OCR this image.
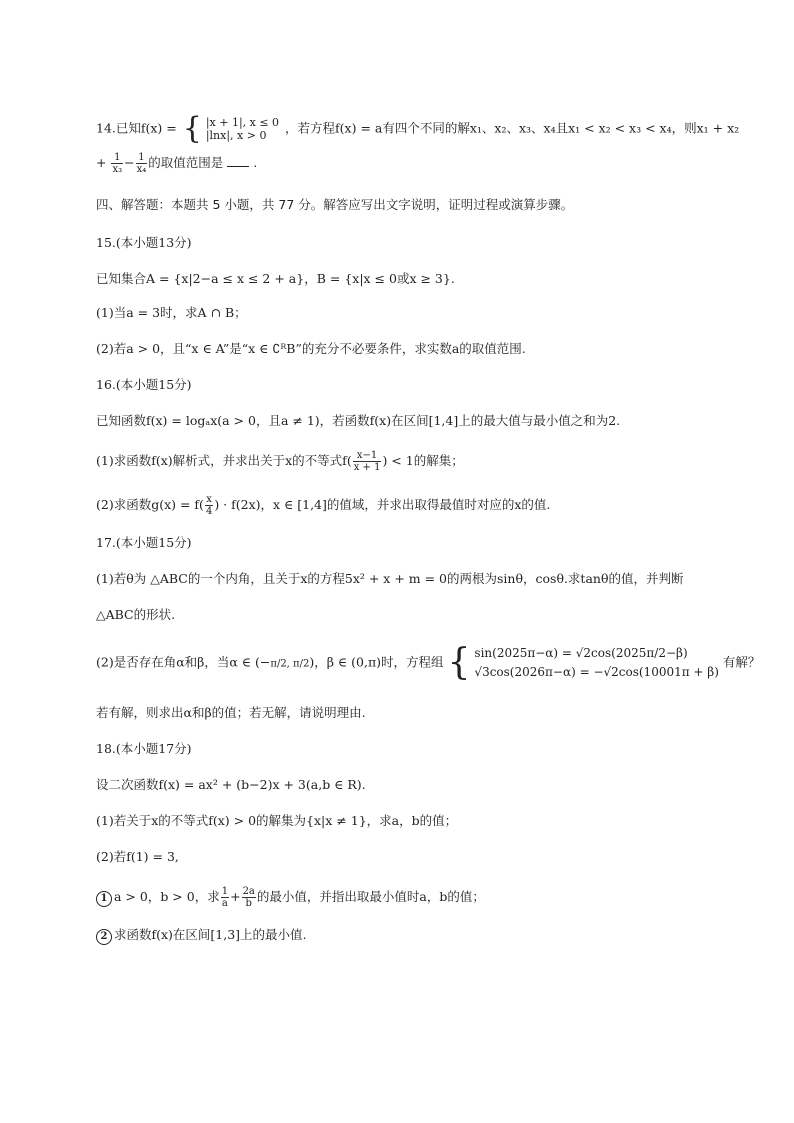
14.已知f(x) = { |x + 1|, x ≤ 0
|lnx|, x > 0 ，若方程f(x) = a有四个不同的解x₁、x₂、x₃、x₄且x₁ < x₂ < x₃ < x₄，则x₁ + x₂
+ $\frac{1}{\text{x₃}} - \frac{1}{\text{x₄}}$ 的取值范围是 .
四、解答题：本题共 5 小题，共 77 分。解答应写出文字说明，证明过程或演算步骤。
15.(本小题13分)
已知集合A = {x|2−a ≤ x ≤ 2 + a}，B = {x|x ≤ 0或x ≥ 3}.
(1)当a = 3时，求A ∩ B；
(2)若a > 0，且“x ∈ A”是“x ∈ ∁ᴿB”的充分不必要条件，求实数a的取值范围.
16.(本小题15分)
已知函数f(x) = logₐx(a > 0，且a ≠ 1)，若函数f(x)在区间[1,4]上的最大值与最小值之和为2.
(1)求函数f(x)解析式，并求出关于x的不等式$f( \frac{x-1}{x + 1}$ ) < 1的解集；
(2)求函数$g(x) = f( \frac{x}{4}$ ) · f(2x)，x ∈ [1,4]的值域，并求出取得最值时对应的x的值.
17.(本小题15分)
(1)若θ为 △ABC的一个内角，且关于x的方程5x² + x + m = 0的两根为sinθ，cosθ.求tanθ的值，并判断
△ABC的形状.
(2)是否存在角α和β，当α ∈ (−π/2, π/2)，β ∈ (0,π)时，方程组 { sin(2025π−α) = √2cos(2025π/2−β)
√3cos(2026π−α) = −√2cos(10001π + β) 有解？
若有解，则求出α和β的值；若无解，请说明理由.
18.(本小题17分)
设二次函数f(x) = ax² + (b−2)x + 3(a,b ∈ R).
(1)若关于x的不等式f(x) > 0的解集为{x|x ≠ 1}，求a，b的值；
(2)若f(1) = 3,
1 a > 0，b > 0，求 $\frac{1}{a} + \frac{2a}{b}$ 的最小值，并指出取最小值时a，b的值；
2 求函数f(x)在区间[1,3]上的最小值.
